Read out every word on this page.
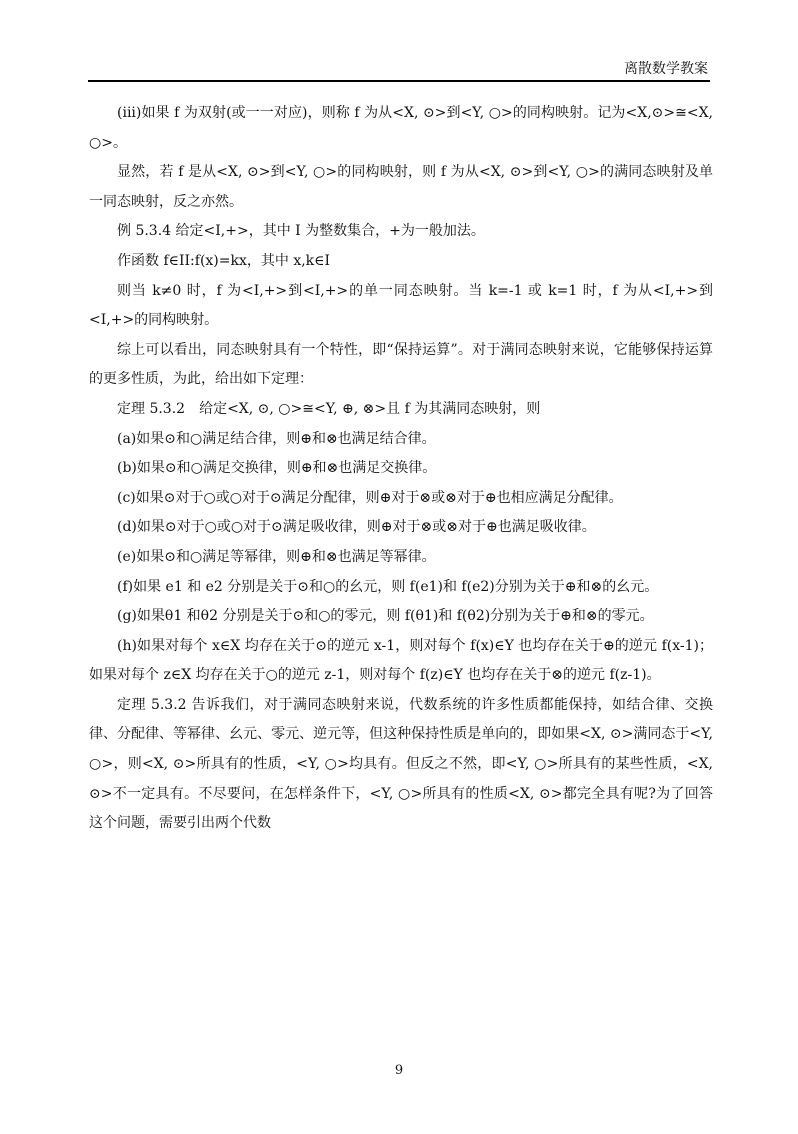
离散数学教案

(iii)如果 f 为双射(或一一对应)，则称 f 为从<X, ⊙>到<Y, ○>的同构映射。记为<X,⊙>≅<X, ○>。

显然，若 f 是从<X, ⊙>到<Y, ○>的同构映射，则 f 为从<X, ⊙>到<Y, ○>的满同态映射及单一同态映射，反之亦然。

例 5.3.4 给定<I,+>，其中 I 为整数集合，+为一般加法。

作函数 f∈II:f(x)=kx，其中 x,k∈I

则当 k≠0 时，f 为<I,+>到<I,+>的单一同态映射。当 k=-1 或 k=1 时，f 为从<I,+>到<I,+>的同构映射。

综上可以看出，同态映射具有一个特性，即“保持运算”。对于满同态映射来说，它能够保持运算的更多性质，为此，给出如下定理：

定理 5.3.2　给定<X, ⊙, ○>≅<Y, ⊕, ⊗>且 f 为其满同态映射，则

(a)如果⊙和○满足结合律，则⊕和⊗也满足结合律。

(b)如果⊙和○满足交换律，则⊕和⊗也满足交换律。

(c)如果⊙对于○或○对于⊙满足分配律，则⊕对于⊗或⊗对于⊕也相应满足分配律。

(d)如果⊙对于○或○对于⊙满足吸收律，则⊕对于⊗或⊗对于⊕也满足吸收律。

(e)如果⊙和○满足等幂律，则⊕和⊗也满足等幂律。

(f)如果 e1 和 e2 分别是关于⊙和○的幺元，则 f(e1)和 f(e2)分别为关于⊕和⊗的幺元。

(g)如果θ1 和θ2 分别是关于⊙和○的零元，则 f(θ1)和 f(θ2)分别为关于⊕和⊗的零元。

(h)如果对每个 x∈X 均存在关于⊙的逆元 x-1，则对每个 f(x)∈Y 也均存在关于⊕的逆元 f(x-1)；如果对每个 z∈X 均存在关于○的逆元 z-1，则对每个 f(z)∈Y 也均存在关于⊗的逆元 f(z-1)。

定理 5.3.2 告诉我们，对于满同态映射来说，代数系统的许多性质都能保持，如结合律、交换律、分配律、等幂律、幺元、零元、逆元等，但这种保持性质是单向的，即如果<X, ⊙>满同态于<Y, ○>，则<X, ⊙>所具有的性质，<Y, ○>均具有。但反之不然，即<Y, ○>所具有的某些性质，<X, ⊙>不一定具有。不尽要问，在怎样条件下，<Y, ○>所具有的性质<X, ⊙>都完全具有呢?为了回答这个问题，需要引出两个代数

9
